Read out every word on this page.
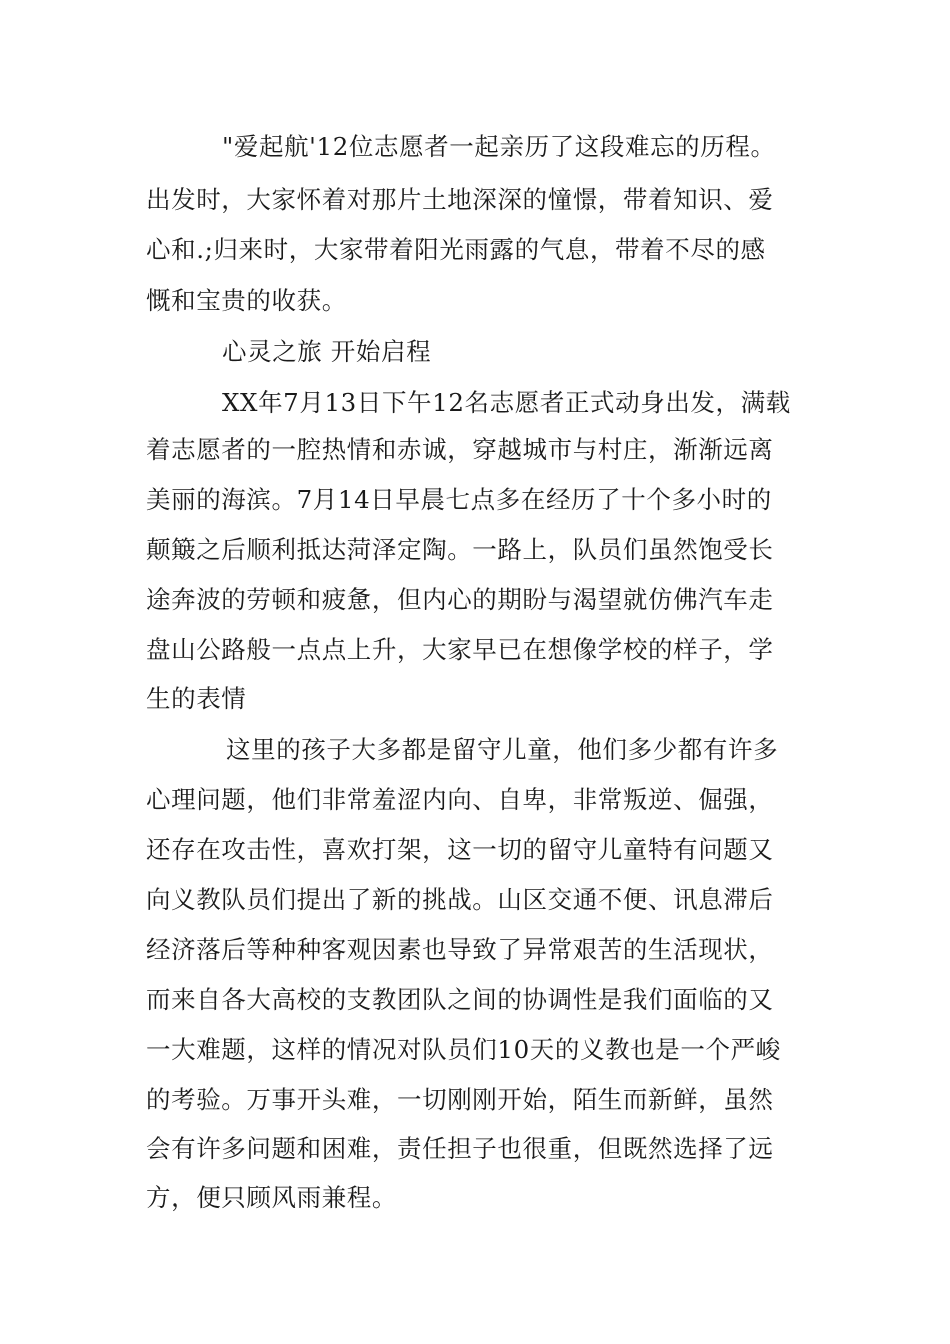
"爱起航'12位志愿者一起亲历了这段难忘的历程。
出发时，大家怀着对那片土地深深的憧憬，带着知识、爱
心和.;归来时，大家带着阳光雨露的气息，带着不尽的感
慨和宝贵的收获。
心灵之旅 开始启程
XX年7月13日下午12名志愿者正式动身出发，满载
着志愿者的一腔热情和赤诚，穿越城市与村庄，渐渐远离
美丽的海滨。7月14日早晨七点多在经历了十个多小时的
颠簸之后顺利抵达菏泽定陶。一路上，队员们虽然饱受长
途奔波的劳顿和疲惫，但内心的期盼与渴望就仿佛汽车走
盘山公路般一点点上升，大家早已在想像学校的样子，学
生的表情
这里的孩子大多都是留守儿童，他们多少都有许多
心理问题，他们非常羞涩内向、自卑，非常叛逆、倔强，
还存在攻击性，喜欢打架，这一切的留守儿童特有问题又
向义教队员们提出了新的挑战。山区交通不便、讯息滞后
经济落后等种种客观因素也导致了异常艰苦的生活现状，
而来自各大高校的支教团队之间的协调性是我们面临的又
一大难题，这样的情况对队员们10天的义教也是一个严峻
的考验。万事开头难，一切刚刚开始，陌生而新鲜，虽然
会有许多问题和困难，责任担子也很重，但既然选择了远
方，便只顾风雨兼程。
